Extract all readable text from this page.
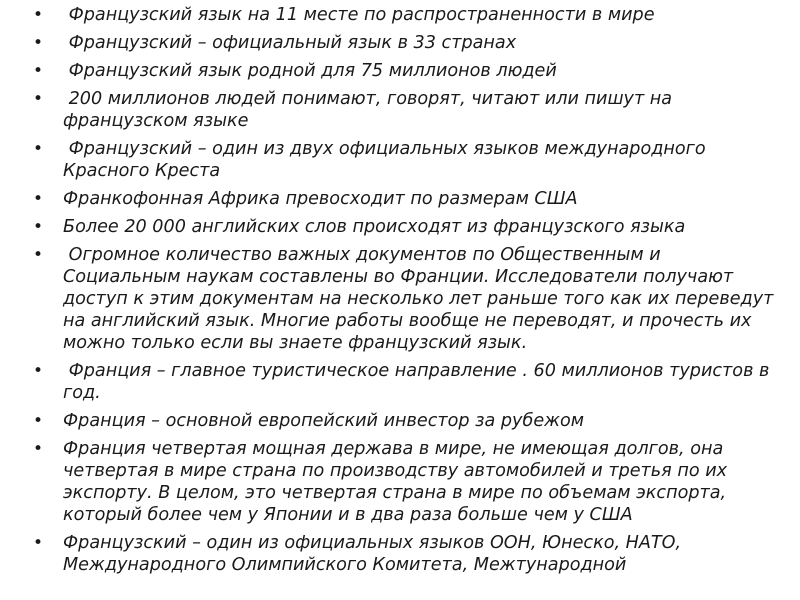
•  Французский язык на 11 месте по распространенности в мире
•  Французский – официальный язык в 33 странах
•  Французский язык родной для 75 миллионов людей
•  200 миллионов людей понимают, говорят, читают или пишут на французском языке
•  Французский – один из двух официальных языков международного Красного Креста
• Франкофонная Африка превосходит по размерам США
• Более 20 000 английских слов происходят из французского языка
•  Огромное количество важных документов по Общественным и Социальным наукам составлены во Франции. Исследователи получают доступ к этим документам на несколько лет раньше того как их переведут на английский язык. Многие работы вообще не переводят, и прочесть их можно только если вы знаете французский язык.
•  Франция – главное туристическое направление . 60 миллионов туристов в год.
• Франция – основной европейский инвестор за рубежом
• Франция четвертая мощная держава в мире, не имеющая долгов, она четвертая в мире страна по производству автомобилей и третья по их экспорту. В целом, это четвертая страна в мире по объемам экспорта, который более чем у Японии и в два раза больше чем у США
• Французский – один из официальных языков ООН, Юнеско, НАТО, Международного Олимпийского Комитета, Межтународной
